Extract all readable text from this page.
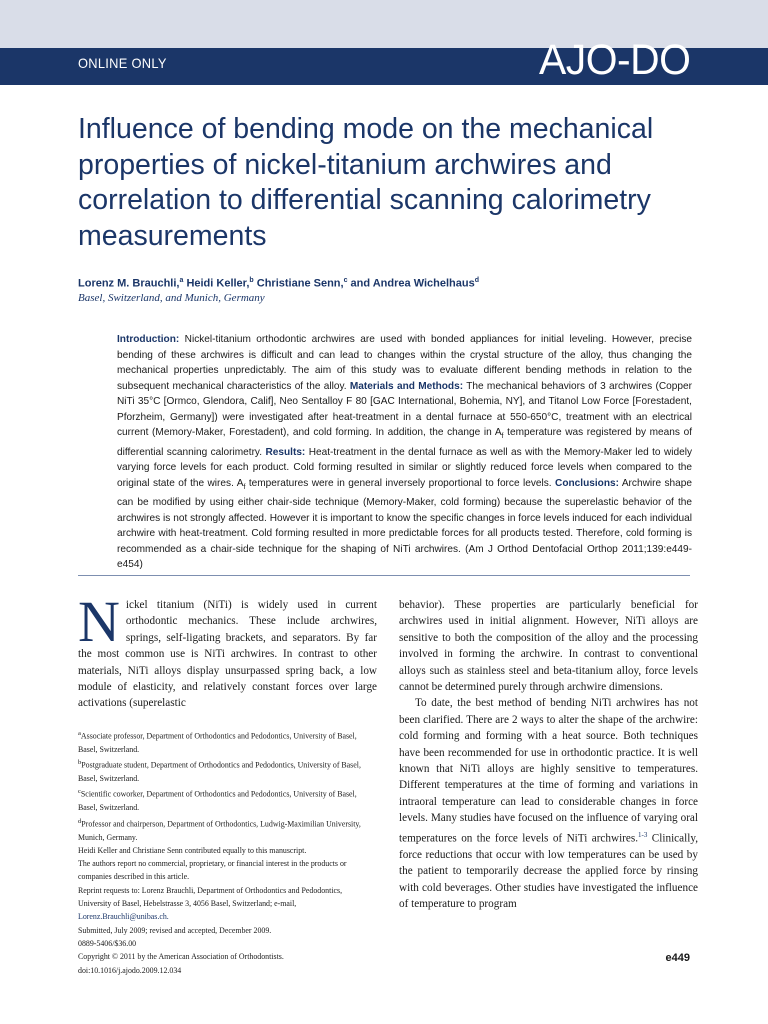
ONLINE ONLY	AJO-DO
Influence of bending mode on the mechanical properties of nickel-titanium archwires and correlation to differential scanning calorimetry measurements
Lorenz M. Brauchli,$^a$ Heidi Keller,$^b$ Christiane Senn,$^c$ and Andrea Wichelhaus$^d$
Basel, Switzerland, and Munich, Germany
Introduction: Nickel-titanium orthodontic archwires are used with bonded appliances for initial leveling. However, precise bending of these archwires is difficult and can lead to changes within the crystal structure of the alloy, thus changing the mechanical properties unpredictably. The aim of this study was to evaluate different bending methods in relation to the subsequent mechanical characteristics of the alloy. Materials and Methods: The mechanical behaviors of 3 archwires (Copper NiTi 35°C [Ormco, Glendora, Calif], Neo Sentalloy F 80 [GAC International, Bohemia, NY], and Titanol Low Force [Forestadent, Pforzheim, Germany]) were investigated after heat-treatment in a dental furnace at 550-650°C, treatment with an electrical current (Memory-Maker, Forestadent), and cold forming. In addition, the change in $A_f$ temperature was registered by means of differential scanning calorimetry. Results: Heat-treatment in the dental furnace as well as with the Memory-Maker led to widely varying force levels for each product. Cold forming resulted in similar or slightly reduced force levels when compared to the original state of the wires. $A_f$ temperatures were in general inversely proportional to force levels. Conclusions: Archwire shape can be modified by using either chair-side technique (Memory-Maker, cold forming) because the superelastic behavior of the archwires is not strongly affected. However it is important to know the specific changes in force levels induced for each individual archwire with heat-treatment. Cold forming resulted in more predictable forces for all products tested. Therefore, cold forming is recommended as a chair-side technique for the shaping of NiTi archwires. (Am J Orthod Dentofacial Orthop 2011;139:e449-e454)

Nickel titanium (NiTi) is widely used in current orthodontic mechanics. These include archwires, springs, self-ligating brackets, and separators. By far the most common use is NiTi archwires. In contrast to other materials, NiTi alloys display unsurpassed spring back, a low module of elasticity, and relatively constant forces over large activations (superelastic

$^a$Associate professor, Department of Orthodontics and Pedodontics, University of Basel, Basel, Switzerland.

$^b$Postgraduate student, Department of Orthodontics and Pedodontics, University of Basel, Basel, Switzerland.

$^c$Scientific coworker, Department of Orthodontics and Pedodontics, University of Basel, Basel, Switzerland.

$^d$Professor and chairperson, Department of Orthodontics, Ludwig-Maximilian University, Munich, Germany.

Heidi Keller and Christiane Senn contributed equally to this manuscript.

The authors report no commercial, proprietary, or financial interest in the products or companies described in this article.

Reprint requests to: Lorenz Brauchli, Department of Orthodontics and Pedodontics, University of Basel, Hebelstrasse 3, 4056 Basel, Switzerland; e-mail, Lorenz.Brauchli@unibas.ch.

Submitted, July 2009; revised and accepted, December 2009.

0889-5406/$36.00

Copyright © 2011 by the American Association of Orthodontists.

doi:10.1016/j.ajodo.2009.12.034

behavior). These properties are particularly beneficial for archwires used in initial alignment. However, NiTi alloys are sensitive to both the composition of the alloy and the processing involved in forming the archwire. In contrast to conventional alloys such as stainless steel and beta-titanium alloy, force levels cannot be determined purely through archwire dimensions.

To date, the best method of bending NiTi archwires has not been clarified. There are 2 ways to alter the shape of the archwire: cold forming and forming with a heat source. Both techniques have been recommended for use in orthodontic practice. It is well known that NiTi alloys are highly sensitive to temperatures. Different temperatures at the time of forming and variations in intraoral temperature can lead to considerable changes in force levels. Many studies have focused on the influence of varying oral temperatures on the force levels of NiTi archwires.$^{1-3}$ Clinically, force reductions that occur with low temperatures can be used by the patient to temporarily decrease the applied force by rinsing with cold beverages. Other studies have investigated the influence of temperature to program

e449
